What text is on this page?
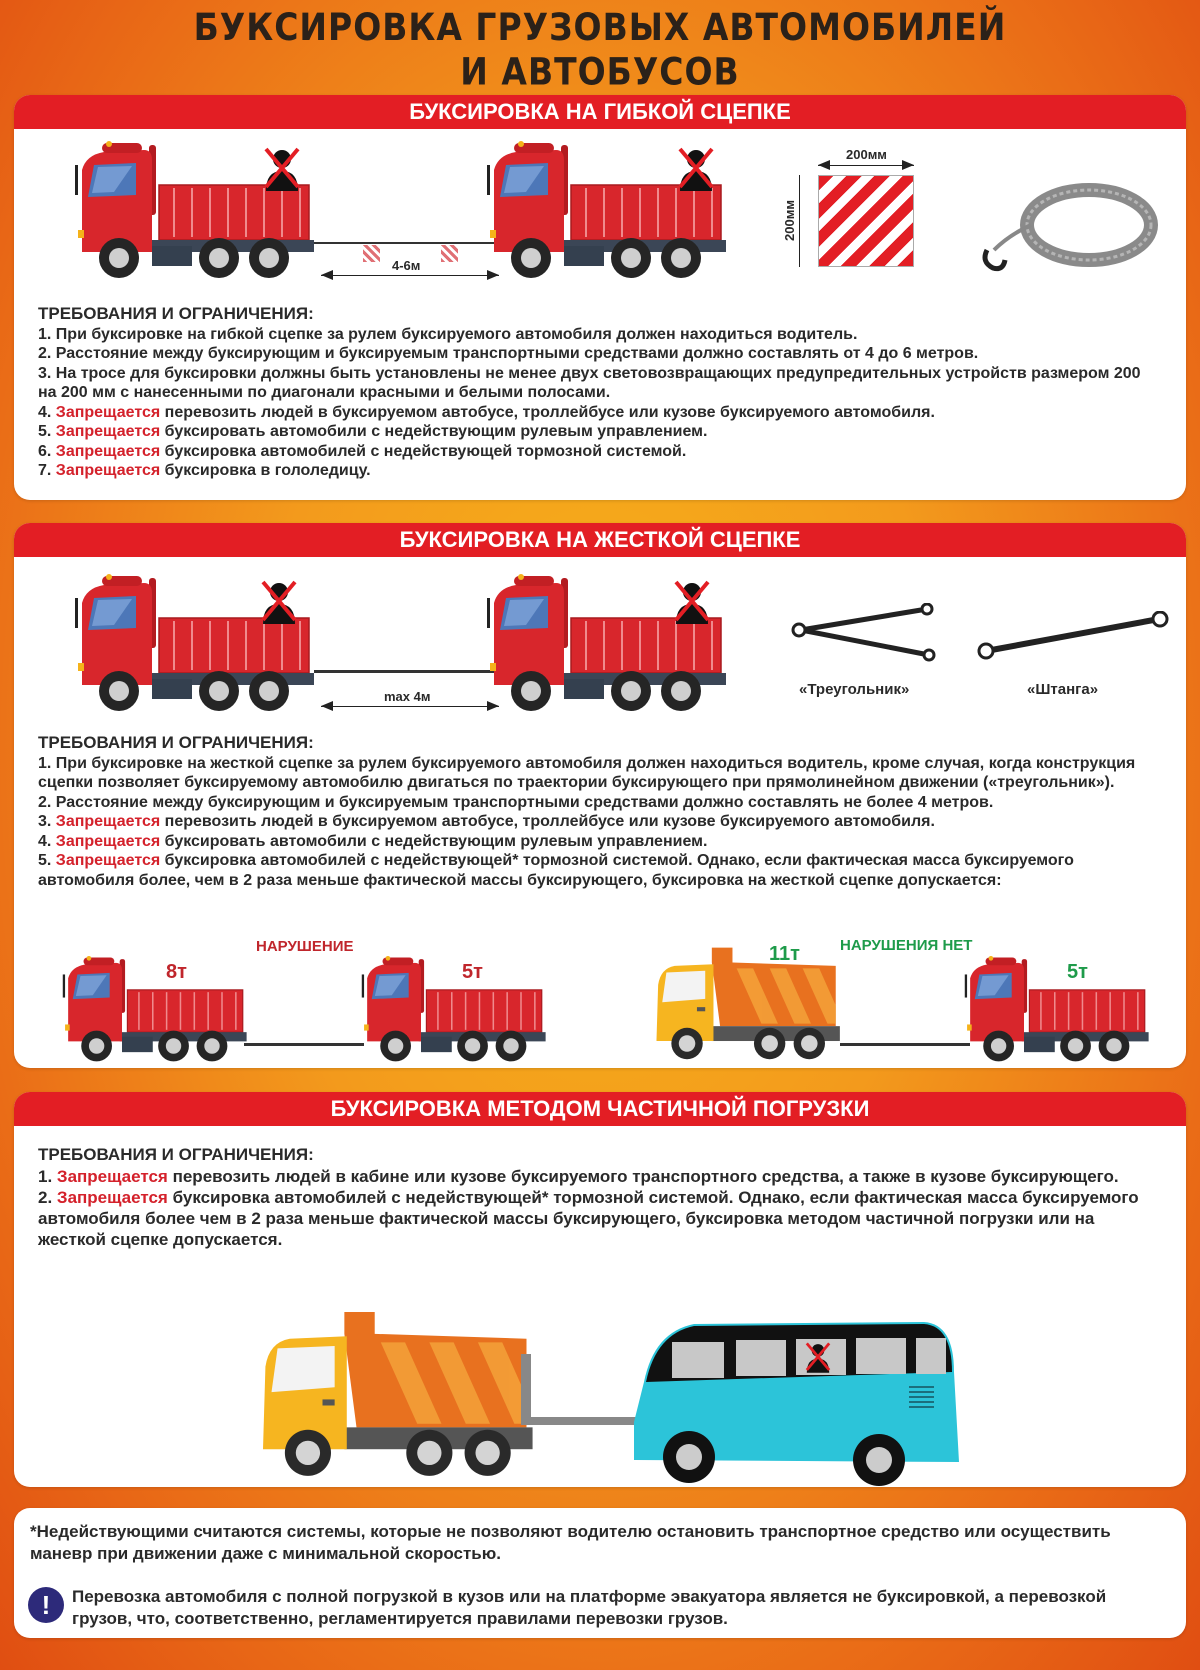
БУКСИРОВКА ГРУЗОВЫХ АВТОМОБИЛЕЙ
И АВТОБУСОВ
БУКСИРОВКА НА ГИБКОЙ СЦЕПКЕ
4-6м
200мм
200мм
ТРЕБОВАНИЯ И ОГРАНИЧЕНИЯ:

1. При буксировке на гибкой сцепке за рулем буксируемого автомобиля должен находиться водитель.

2. Расстояние между буксирующим и буксируемым транспортными средствами должно составлять от 4 до 6 метров.

3. На тросе для буксировки должны быть установлены не менее двух световозвращающих предупредительных устройств размером 200 на 200 мм с нанесенными по диагонали красными и белыми полосами.

4. Запрещается перевозить людей в буксируемом автобусе, троллейбусе или кузове буксируемого автомобиля.

5. Запрещается буксировать автомобили с недействующим рулевым управлением.

6. Запрещается буксировка автомобилей с недействующей тормозной системой.

7. Запрещается буксировка в гололедицу.

БУКСИРОВКА НА ЖЕСТКОЙ СЦЕПКЕ
max 4м	«Треугольник»	«Штанга»
ТРЕБОВАНИЯ И ОГРАНИЧЕНИЯ:

1. При буксировке на жесткой сцепке за рулем буксируемого автомобиля должен находиться водитель, кроме случая, когда конструкция сцепки позволяет буксируемому автомобилю двигаться по траектории буксирующего при прямолинейном движении («треугольник»).

2. Расстояние между буксирующим и буксируемым транспортными средствами должно составлять не более 4 метров.

3. Запрещается перевозить людей в буксируемом автобусе, троллейбусе или кузове буксируемого автомобиля.

4. Запрещается буксировать автомобили с недействующим рулевым управлением.

5. Запрещается буксировка автомобилей с недействующей* тормозной системой. Однако, если фактическая масса буксируемого автомобиля более, чем в 2 раза меньше фактической массы буксирующего, буксировка на жесткой сцепке допускается:

НАРУШЕНИЕ
8т	5т
НАРУШЕНИЯ НЕТ
11т
5т
БУКСИРОВКА МЕТОДОМ ЧАСТИЧНОЙ ПОГРУЗКИ
ТРЕБОВАНИЯ И ОГРАНИЧЕНИЯ:

1. Запрещается перевозить людей в кабине или кузове буксируемого транспортного средства, а также в кузове буксирующего.

2. Запрещается буксировка автомобилей с недействующей* тормозной системой. Однако, если фактическая масса буксируемого автомобиля более чем в 2 раза меньше фактической массы буксирующего, буксировка методом частичной погрузки или на жесткой сцепке допускается.

*Недействующими считаются системы, которые не позволяют водителю остановить транспортное средство или осуществить маневр при движении даже с минимальной скоростью.
!	Перевозка автомобиля с полной погрузкой в кузов или на платформе эвакуатора является не буксировкой, а перевозкой грузов, что, соответственно, регламентируется правилами перевозки грузов.
